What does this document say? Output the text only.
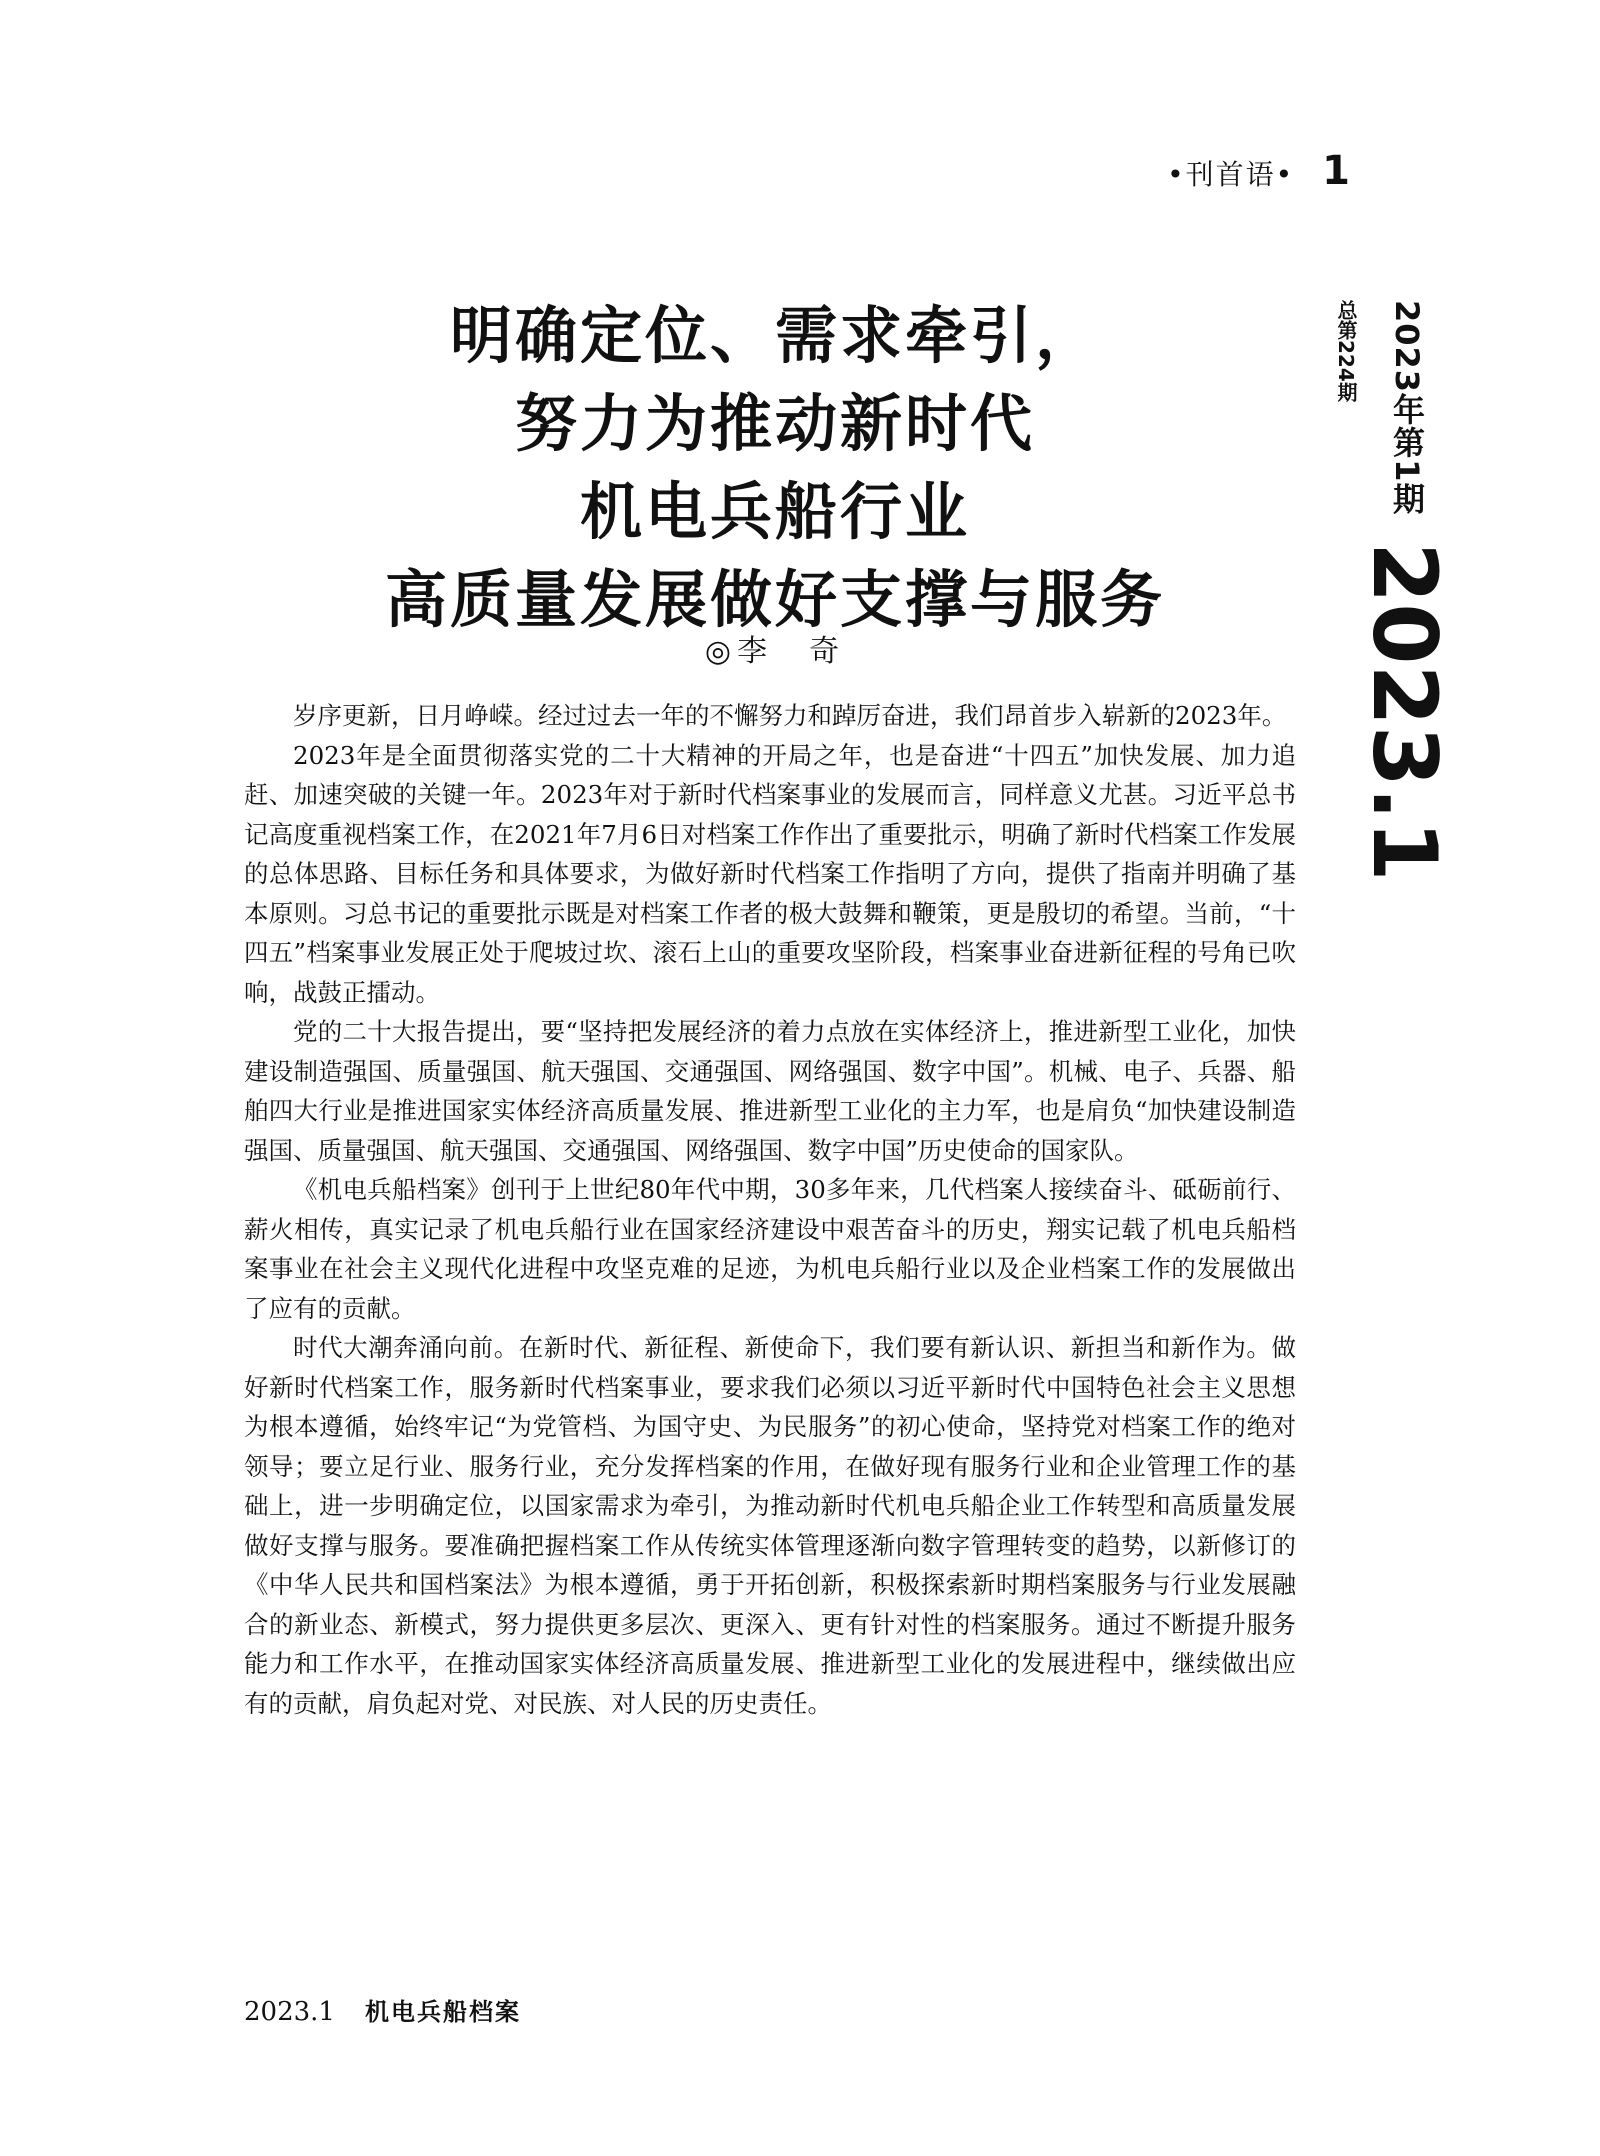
•刊首语• 1
明确定位、需求牵引，
努力为推动新时代
机电兵船行业
高质量发展做好支撑与服务
◎李　奇
2023年第1期
总第224期
2023.1

岁序更新，日月峥嵘。经过过去一年的不懈努力和踔厉奋进，我们昂首步入崭新的2023年。

2023年是全面贯彻落实党的二十大精神的开局之年，也是奋进“十四五”加快发展、加力追赶、加速突破的关键一年。2023年对于新时代档案事业的发展而言，同样意义尤甚。习近平总书记高度重视档案工作，在2021年7月6日对档案工作作出了重要批示，明确了新时代档案工作发展的总体思路、目标任务和具体要求，为做好新时代档案工作指明了方向，提供了指南并明确了基本原则。习总书记的重要批示既是对档案工作者的极大鼓舞和鞭策，更是殷切的希望。当前，“十四五”档案事业发展正处于爬坡过坎、滚石上山的重要攻坚阶段，档案事业奋进新征程的号角已吹响，战鼓正擂动。

党的二十大报告提出，要“坚持把发展经济的着力点放在实体经济上，推进新型工业化，加快建设制造强国、质量强国、航天强国、交通强国、网络强国、数字中国”。机械、电子、兵器、船舶四大行业是推进国家实体经济高质量发展、推进新型工业化的主力军，也是肩负“加快建设制造强国、质量强国、航天强国、交通强国、网络强国、数字中国”历史使命的国家队。

《机电兵船档案》创刊于上世纪80年代中期，30多年来，几代档案人接续奋斗、砥砺前行、薪火相传，真实记录了机电兵船行业在国家经济建设中艰苦奋斗的历史，翔实记载了机电兵船档案事业在社会主义现代化进程中攻坚克难的足迹，为机电兵船行业以及企业档案工作的发展做出了应有的贡献。

时代大潮奔涌向前。在新时代、新征程、新使命下，我们要有新认识、新担当和新作为。做好新时代档案工作，服务新时代档案事业，要求我们必须以习近平新时代中国特色社会主义思想为根本遵循，始终牢记“为党管档、为国守史、为民服务”的初心使命，坚持党对档案工作的绝对领导；要立足行业、服务行业，充分发挥档案的作用，在做好现有服务行业和企业管理工作的基础上，进一步明确定位，以国家需求为牵引，为推动新时代机电兵船企业工作转型和高质量发展做好支撑与服务。要准确把握档案工作从传统实体管理逐渐向数字管理转变的趋势，以新修订的《中华人民共和国档案法》为根本遵循，勇于开拓创新，积极探索新时期档案服务与行业发展融合的新业态、新模式，努力提供更多层次、更深入、更有针对性的档案服务。通过不断提升服务能力和工作水平，在推动国家实体经济高质量发展、推进新型工业化的发展进程中，继续做出应有的贡献，肩负起对党、对民族、对人民的历史责任。

2023.1 机电兵船档案
